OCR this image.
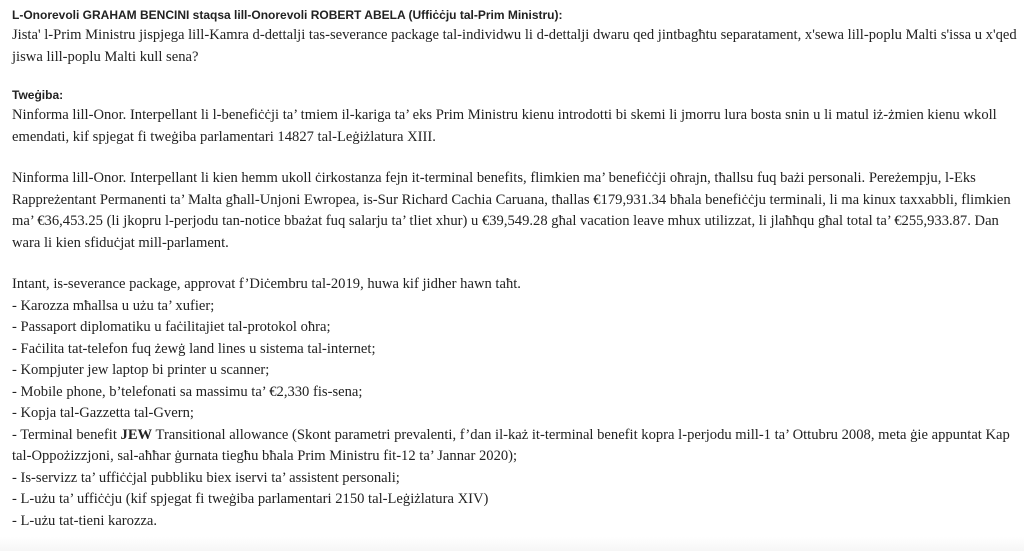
L-Onorevoli GRAHAM BENCINI staqsa lill-Onorevoli ROBERT ABELA (Uffiċċju tal-Prim Ministru):

Jista' l-Prim Ministru jispjega lill-Kamra d-dettalji tas-severance package tal-individwu li d-dettalji dwaru qed jintbagħtu separatament, x'sewa lill-poplu Malti s'issa u x'qed jiswa lill-poplu Malti kull sena?

Tweġiba:

Ninforma lill-Onor. Interpellant li l-benefiċċji ta’ tmiem il-kariga ta’ eks Prim Ministru kienu introdotti bi skemi li jmorru lura bosta snin u li matul iż-żmien kienu wkoll emendati, kif spjegat fi tweġiba parlamentari 14827 tal-Leġiżlatura XIII.

Ninforma lill-Onor. Interpellant li kien hemm ukoll ċirkostanza fejn it-terminal benefits, flimkien ma’ benefiċċji oħrajn, tħallsu fuq bażi personali. Pereżempju, l-Eks Rappreżentant Permanenti ta’ Malta għall-Unjoni Ewropea, is-Sur Richard Cachia Caruana, tħallas €179,931.34 bħala benefiċċju terminali, li ma kinux taxxabbli, flimkien ma’ €36,453.25 (li jkopru l-perjodu tan-notice bbażat fuq salarju ta’ tliet xhur) u €39,549.28 għal vacation leave mhux utilizzat, li jlaħħqu għal total ta’ €255,933.87. Dan wara li kien sfiduċjat mill-parlament.

Intant, is-severance package, approvat f’Diċembru tal-2019, huwa kif jidher hawn taħt.

- Karozza mħallsa u użu ta’ xufier;
- Passaport diplomatiku u faċilitajiet tal-protokol oħra;
- Faċilita tat-telefon fuq żewġ land lines u sistema tal-internet;
- Kompjuter jew laptop bi printer u scanner;
- Mobile phone, b’telefonati sa massimu ta’ €2,330 fis-sena;
- Kopja tal-Gazzetta tal-Gvern;
- Terminal benefit JEW Transitional allowance (Skont parametri prevalenti, f’dan il-każ it-terminal benefit kopra l-perjodu mill-1 ta’ Ottubru 2008, meta ġie appuntat Kap tal-Oppożizzjoni, sal-aħħar ġurnata tiegħu bħala Prim Ministru fit-12 ta’ Jannar 2020);
- Is-servizz ta’ uffiċċjal pubbliku biex iservi ta’ assistent personali;
- L-użu ta’ uffiċċju (kif spjegat fi tweġiba parlamentari 2150 tal-Leġiżlatura XIV)
- L-użu tat-tieni karozza.
